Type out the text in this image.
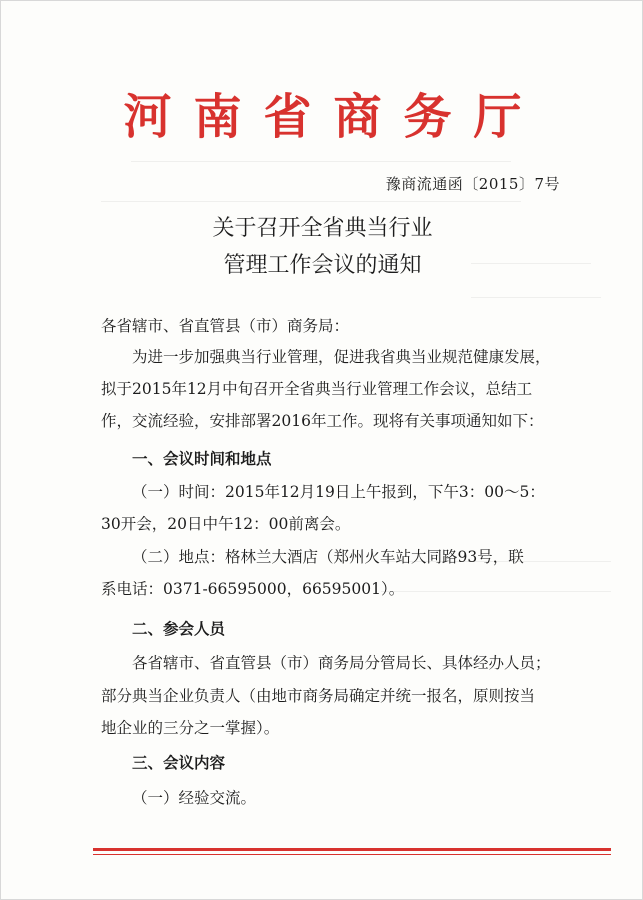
河南省商务厅
豫商流通函〔2015〕7号
关于召开全省典当行业
管理工作会议的通知
各省辖市、省直管县（市）商务局：
为进一步加强典当行业管理，促进我省典当业规范健康发展，
拟于2015年12月中旬召开全省典当行业管理工作会议，总结工
作，交流经验，安排部署2016年工作。现将有关事项通知如下：
一、会议时间和地点
（一）时间：2015年12月19日上午报到，下午3：00～5：
30开会，20日中午12：00前离会。
（二）地点：格林兰大酒店（郑州火车站大同路93号，联
系电话：0371-66595000，66595001）。
二、参会人员
各省辖市、省直管县（市）商务局分管局长、具体经办人员；
部分典当企业负责人（由地市商务局确定并统一报名，原则按当
地企业的三分之一掌握）。
三、会议内容
（一）经验交流。
